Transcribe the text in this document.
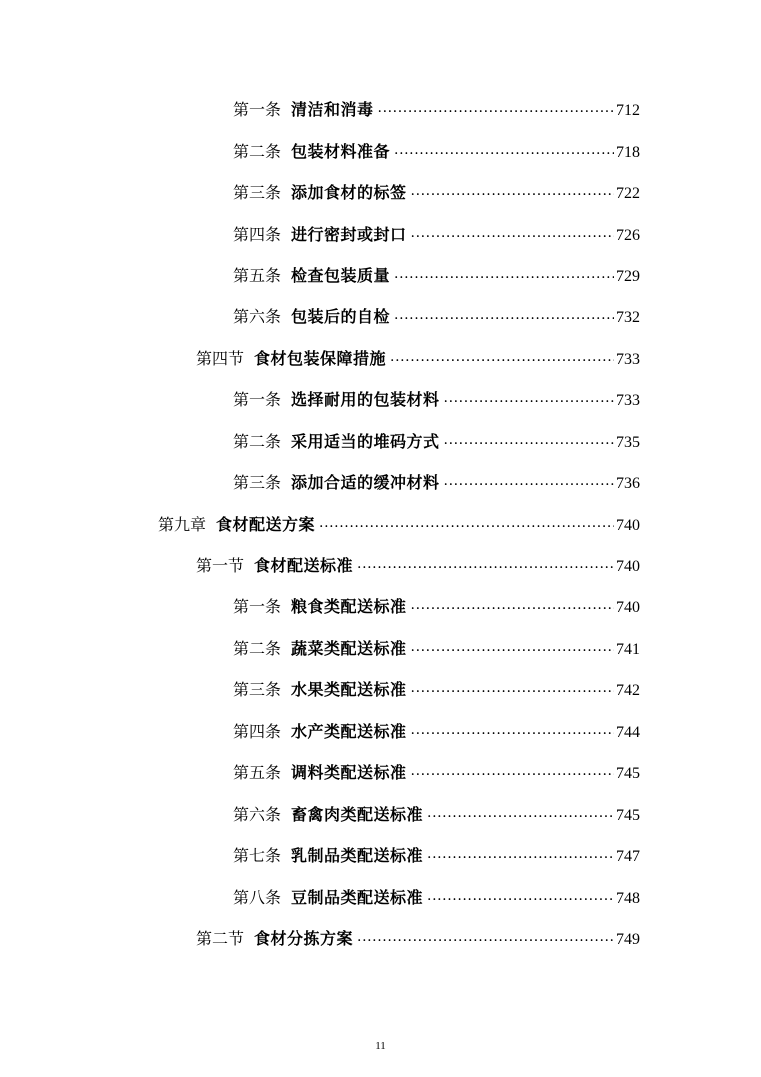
第一条 清洁和消毒 .....	712
第二条 包装材料准备 .....	718
第三条 添加食材的标签 .....	722
第四条 进行密封或封口 .....	726
第五条 检查包装质量 .....	729
第六条 包装后的自检 .....	732
第四节 食材包装保障措施 .....	733
第一条 选择耐用的包装材料 .....	733
第二条 采用适当的堆码方式 .....	735
第三条 添加合适的缓冲材料 .....	736
第九章 食材配送方案 .....	740
第一节 食材配送标准 .....	740
第一条 粮食类配送标准 .....	740
第二条 蔬菜类配送标准 .....	741
第三条 水果类配送标准 .....	742
第四条 水产类配送标准 .....	744
第五条 调料类配送标准 .....	745
第六条 畜禽肉类配送标准 .....	745
第七条 乳制品类配送标准 .....	747
第八条 豆制品类配送标准 .....	748
第二节 食材分拣方案 .....	749
11
